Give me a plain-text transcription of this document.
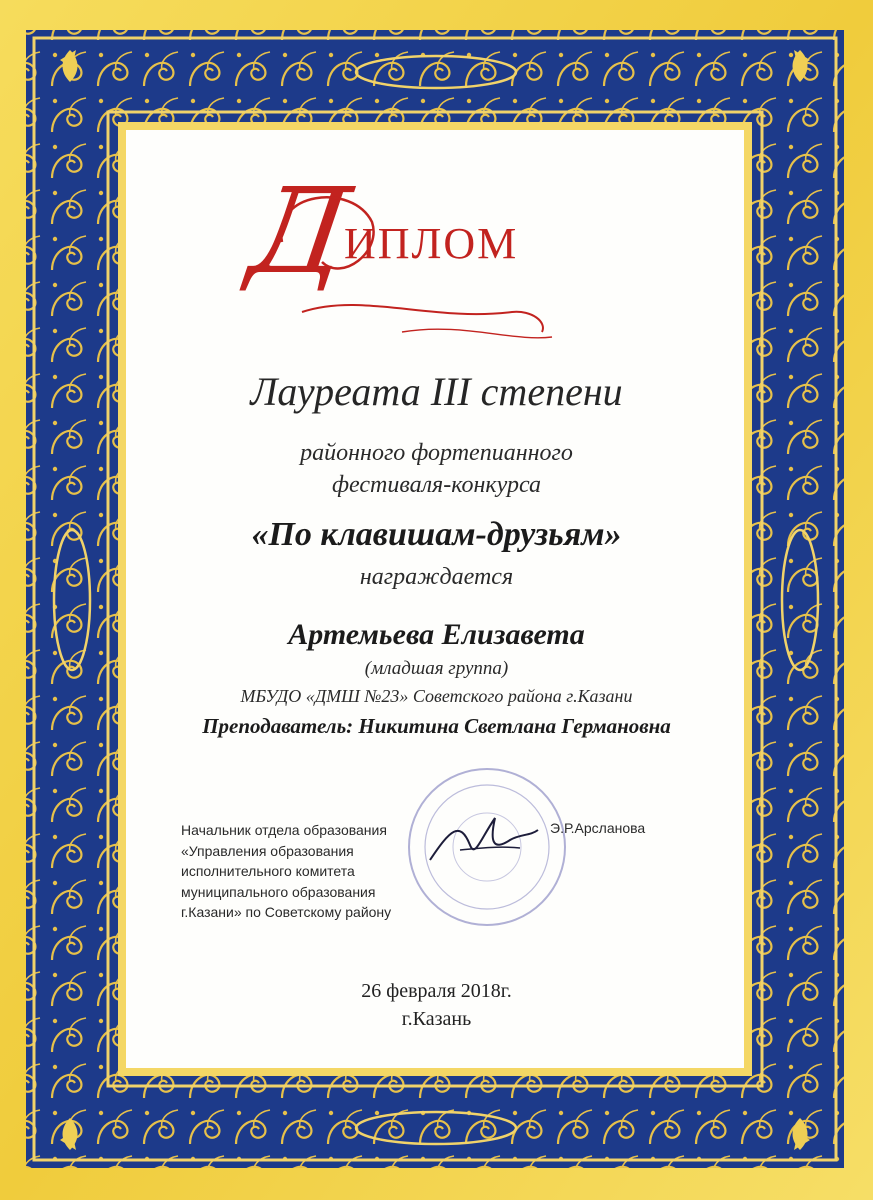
ДИПЛОМ
Лауреата III степени
районного фортепианного
фестиваля-конкурса
«По клавишам-друзьям»
награждается
Артемьева Елизавета
(младшая группа)
МБУДО «ДМШ №23» Советского района г.Казани
Преподаватель: Никитина Светлана Германовна
Начальник отдела образования
«Управления образования
исполнительного комитета
муниципального образования
г.Казани» по Советскому району
Э.Р.Арсланова
26 февраля 2018г.
г.Казань
